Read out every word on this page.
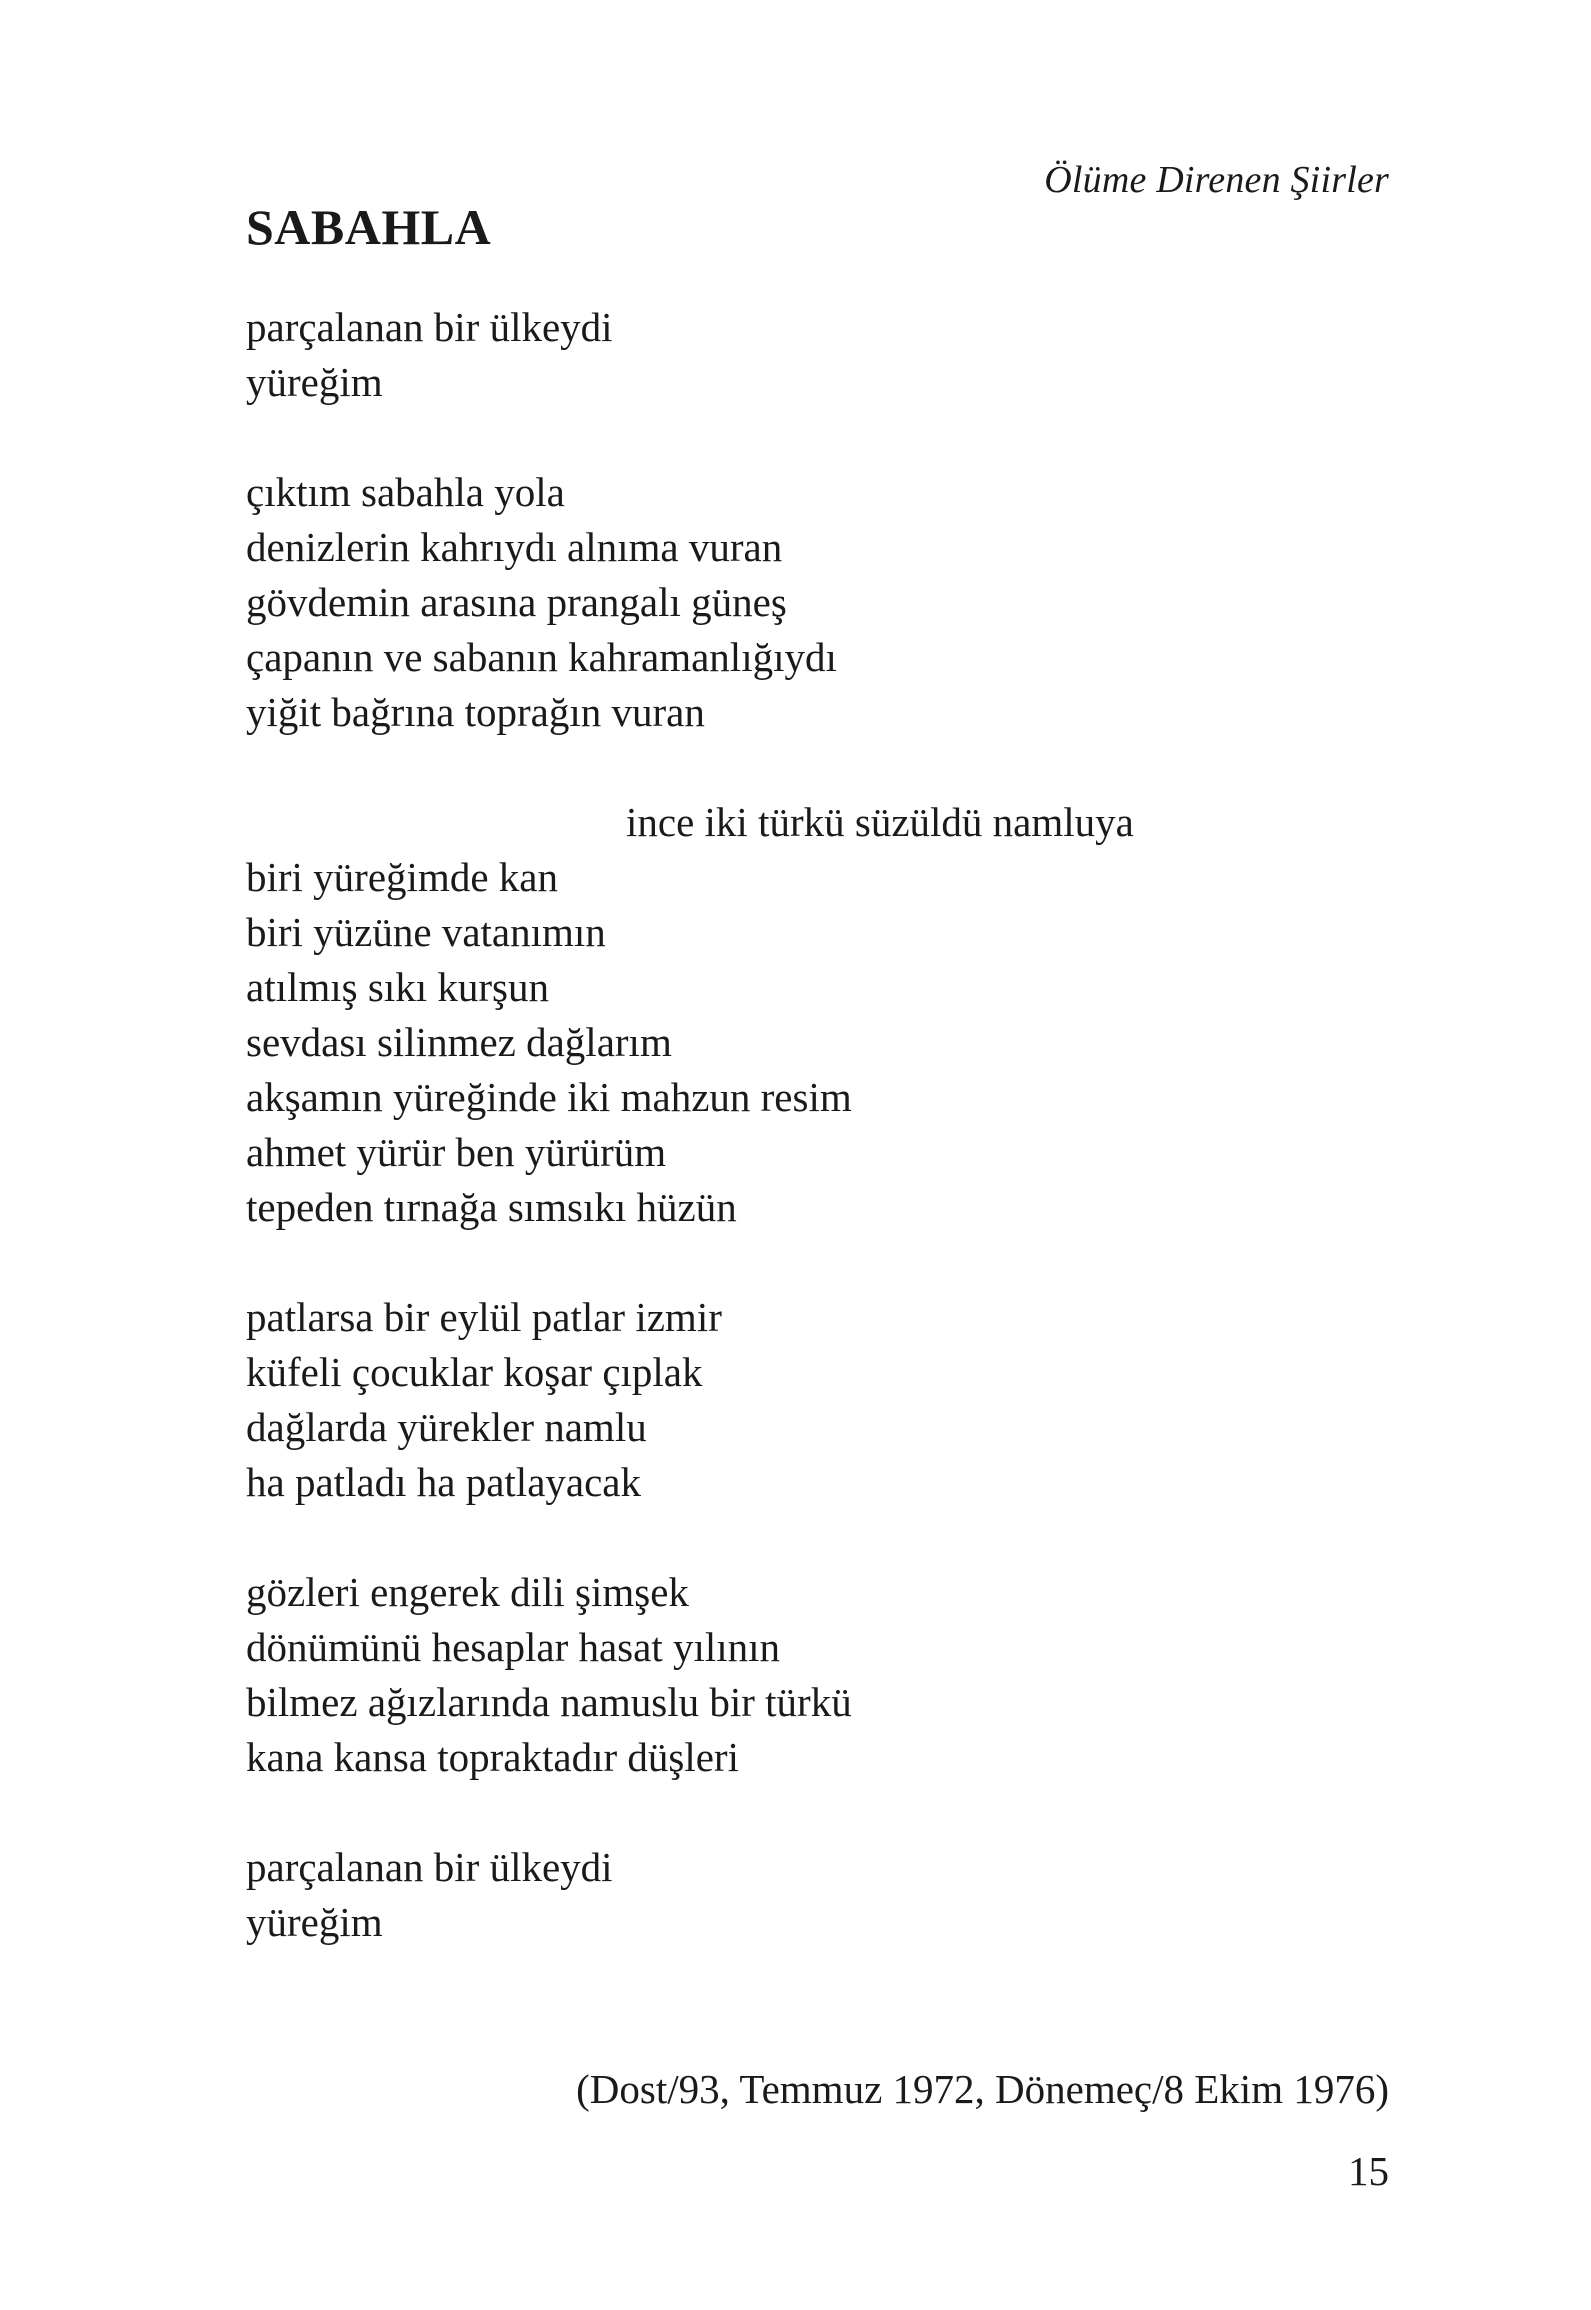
Ölüme Direnen Şiirler
SABAHLA
parçalanan bir ülkeydi
yüreğim
çıktım sabahla yola
denizlerin kahrıydı alnıma vuran
gövdemin arasına prangalı güneş
çapanın ve sabanın kahramanlığıydı
yiğit bağrına toprağın vuran
ince iki türkü süzüldü namluya
biri yüreğimde kan
biri yüzüne vatanımın
atılmış sıkı kurşun
sevdası silinmez dağlarım
akşamın yüreğinde iki mahzun resim
ahmet yürür ben yürürüm
tepeden tırnağa sımsıkı hüzün
patlarsa bir eylül patlar izmir
küfeli çocuklar koşar çıplak
dağlarda yürekler namlu
ha patladı ha patlayacak
gözleri engerek dili şimşek
dönümünü hesaplar hasat yılının
bilmez ağızlarında namuslu bir türkü
kana kansa topraktadır düşleri
parçalanan bir ülkeydi
yüreğim
(Dost/93, Temmuz 1972, Dönemeç/8 Ekim 1976)
15
